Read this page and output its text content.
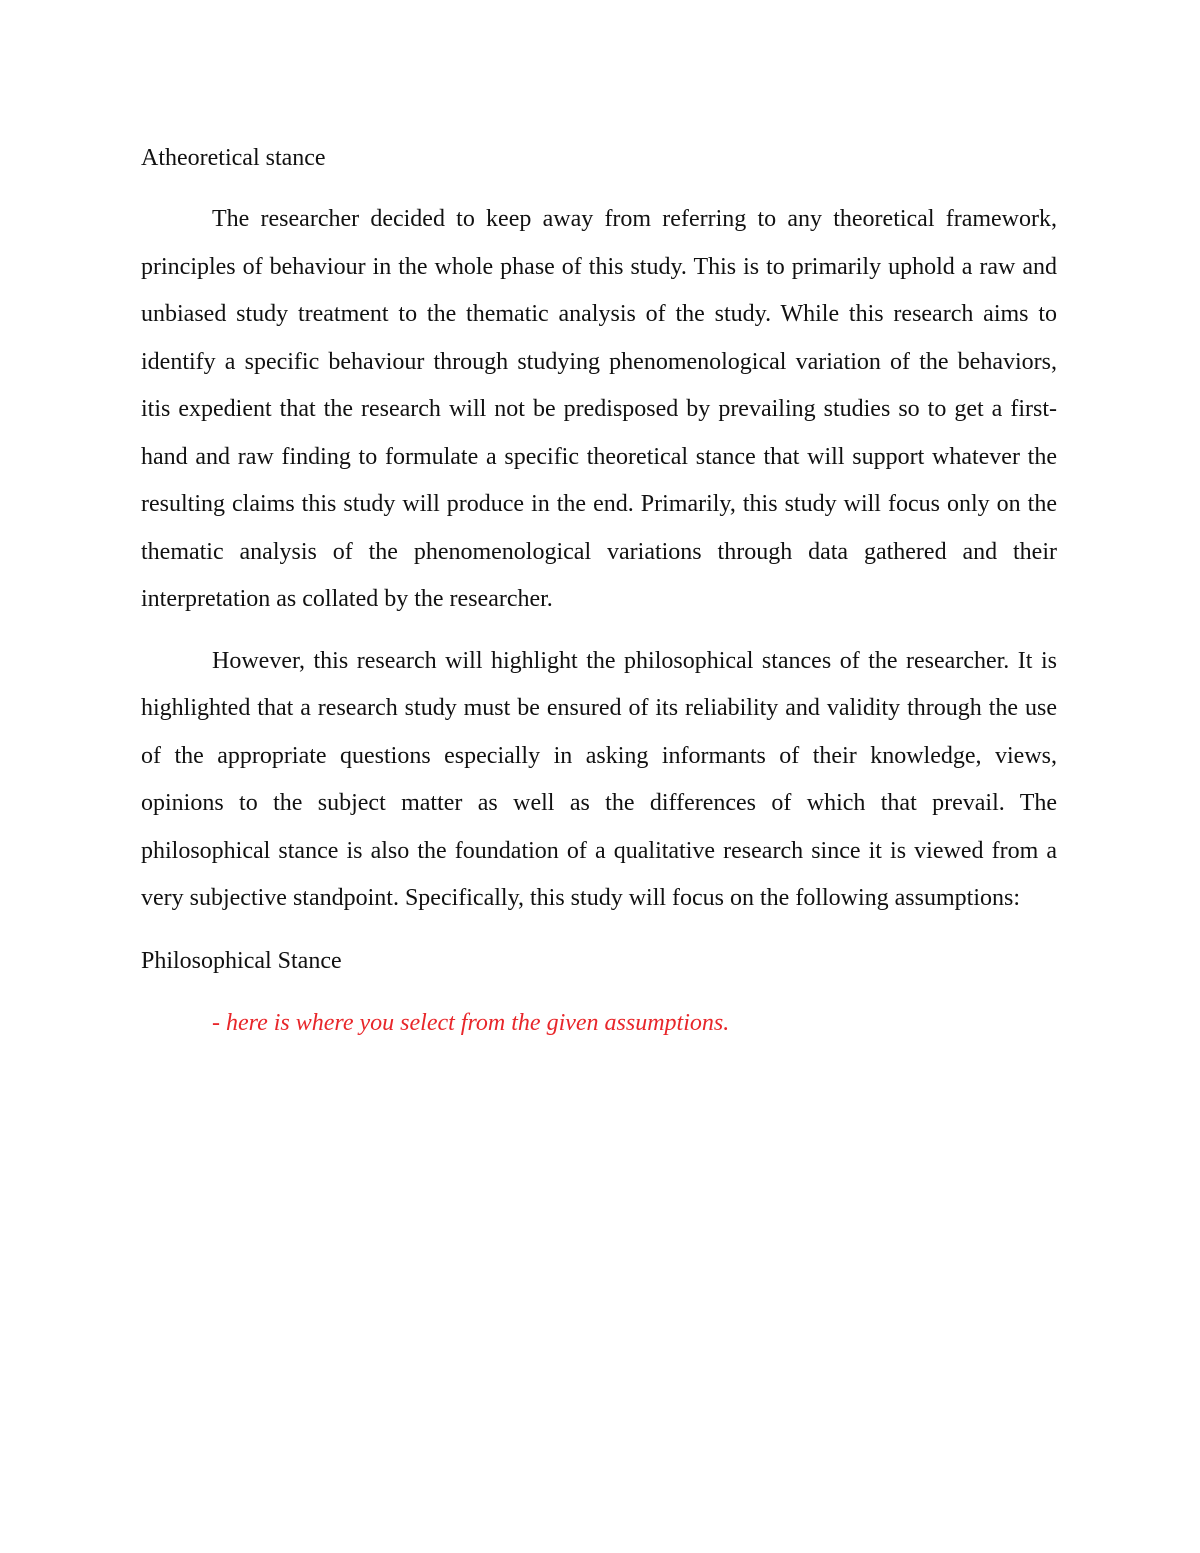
Atheoretical stance

The researcher decided to keep away from referring to any theoretical framework, principles of behaviour in the whole phase of this study. This is to primarily uphold a raw and unbiased study treatment to the thematic analysis of the study. While this research aims to identify a specific behaviour through studying phenomenological variation of the behaviors, itis expedient that the research will not be predisposed by prevailing studies so to get a first-hand and raw finding to formulate a specific theoretical stance that will support whatever the resulting claims this study will produce in the end. Primarily, this study will focus only on the thematic analysis of the phenomenological variations through data gathered and their interpretation as collated by the researcher.

However, this research will highlight the philosophical stances of the researcher. It is highlighted that a research study must be ensured of its reliability and validity through the use of the appropriate questions especially in asking informants of their knowledge, views, opinions to the subject matter as well as the differences of which that prevail. The philosophical stance is also the foundation of a qualitative research since it is viewed from a very subjective standpoint. Specifically, this study will focus on the following assumptions:

Philosophical Stance

- here is where you select from the given assumptions.
